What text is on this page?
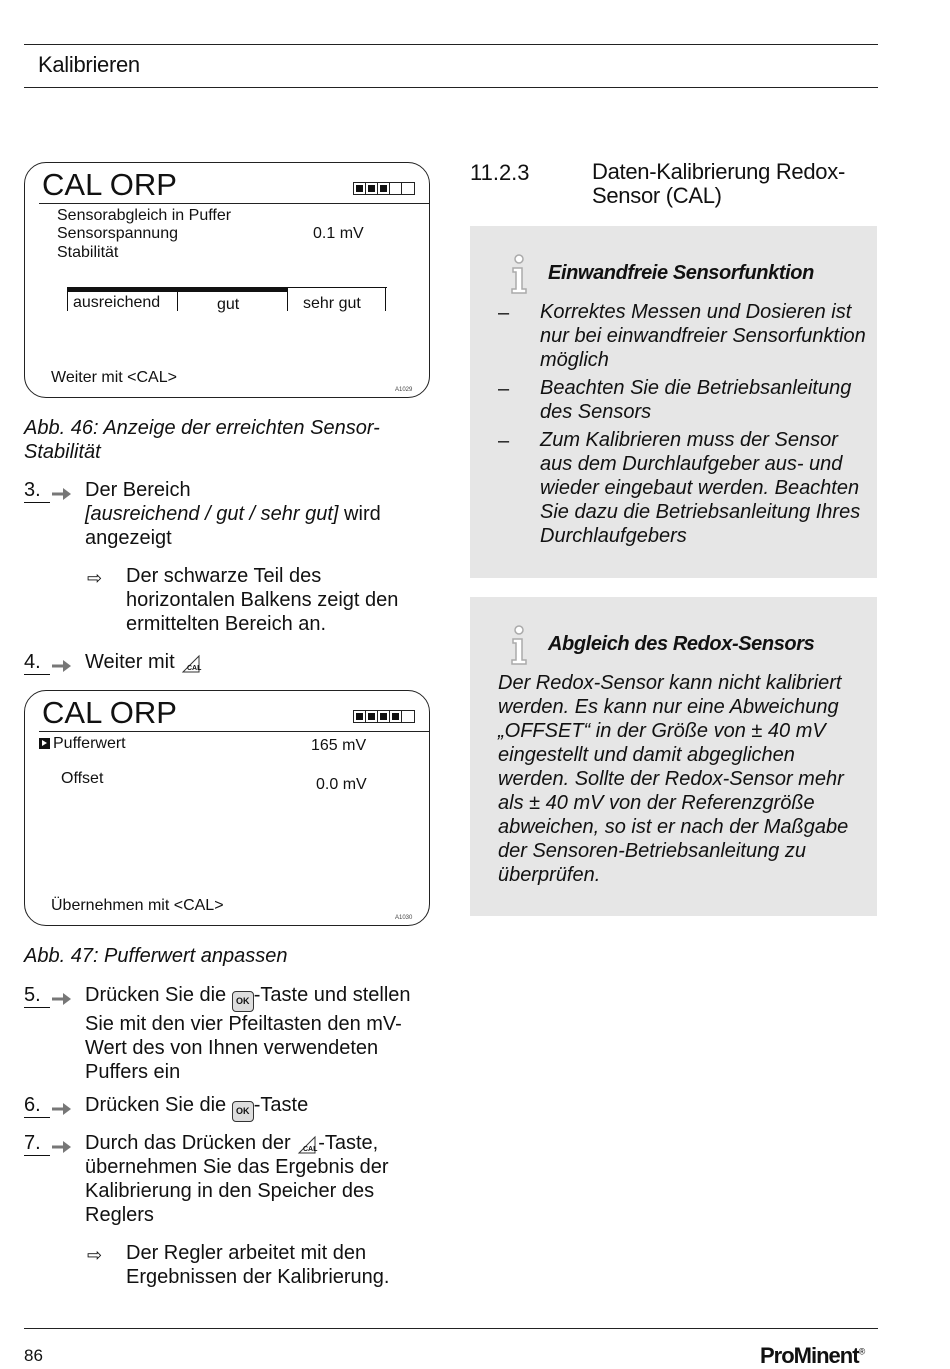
Kalibrieren
CAL ORP
Sensorabgleich in Puffer
Sensorspannung	0.1 mV
Stabilität
ausreichend	gut	sehr gut
Weiter mit <CAL>
A1029
Abb. 46: Anzeige der erreichten Sensor-Stabilität
3.	Der Bereich
[ausreichend / gut / sehr gut] wird
angezeigt
⇨ Der schwarze Teil des horizontalen Balkens zeigt den ermittelten Bereich an.
4.	Weiter mit CAL
CAL ORP
Pufferwert	165 mV
Offset	0.0 mV
Übernehmen mit <CAL>
A1030
Abb. 47: Pufferwert anpassen
5.	Drücken Sie die OK -Taste und stellen Sie mit den vier Pfeiltasten den mV-Wert des von Ihnen verwendeten Puffers ein
6.	Drücken Sie die OK -Taste
7.	Durch das Drücken der CAL -Taste, übernehmen Sie das Ergebnis der Kalibrierung in den Speicher des Reglers
⇨ Der Regler arbeitet mit den Ergebnissen der Kalibrierung.
11.2.3	Daten-Kalibrierung Redox-Sensor (CAL)
Einwandfreie Sensorfunktion
– Korrektes Messen und Dosieren ist nur bei einwandfreier Sensorfunktion möglich
– Beachten Sie die Betriebsanleitung des Sensors
– Zum Kalibrieren muss der Sensor aus dem Durchlaufgeber aus- und wieder eingebaut werden. Beachten Sie dazu die Betriebsanleitung Ihres Durchlaufgebers
Abgleich des Redox-Sensors
Der Redox-Sensor kann nicht kalibriert werden. Es kann nur eine Abweichung „OFFSET“ in der Größe von ± 40 mV eingestellt und damit abgeglichen werden. Sollte der Redox-Sensor mehr als ± 40 mV von der Referenzgröße abweichen, so ist er nach der Maßgabe der Sensoren-Betriebsanleitung zu überprüfen.
86	ProMinent®
